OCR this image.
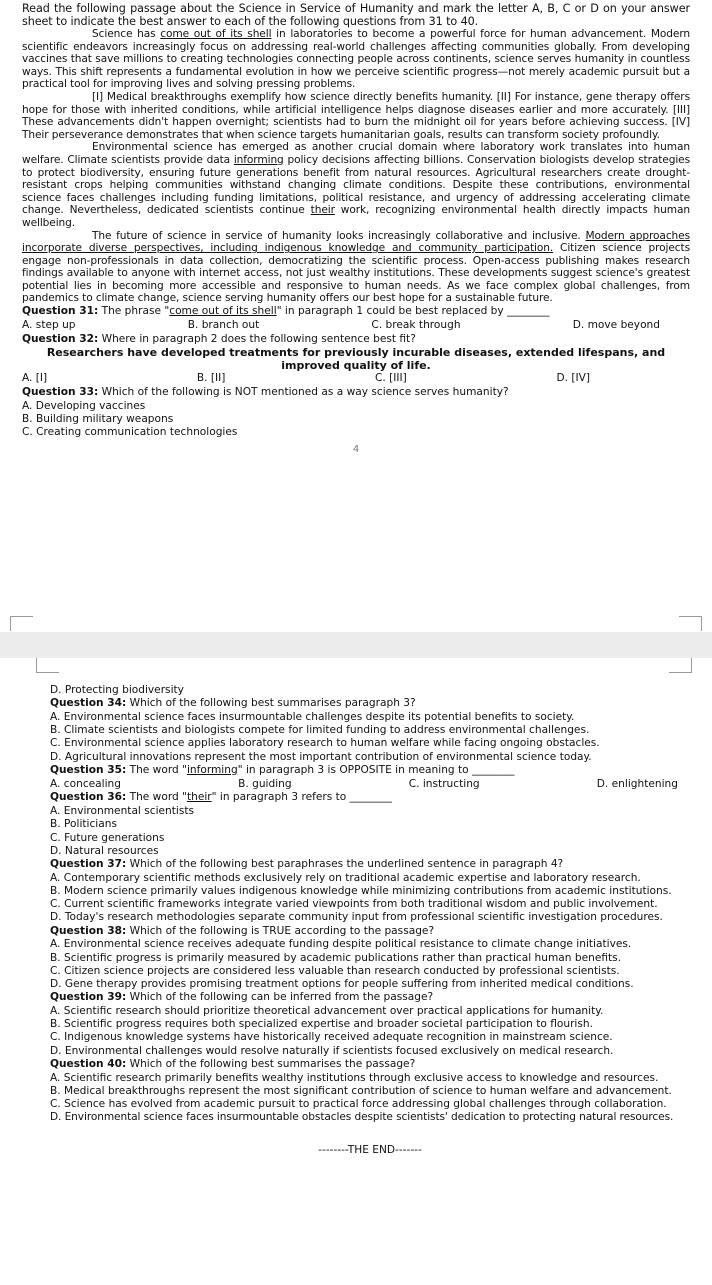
Read the following passage about the Science in Service of Humanity and mark the letter A, B, C or D on your answer sheet to indicate the best answer to each of the following questions from 31 to 40.

Science has come out of its shell in laboratories to become a powerful force for human advancement. Modern scientific endeavors increasingly focus on addressing real-world challenges affecting communities globally. From developing vaccines that save millions to creating technologies connecting people across continents, science serves humanity in countless ways. This shift represents a fundamental evolution in how we perceive scientific progress—not merely academic pursuit but a practical tool for improving lives and solving pressing problems.

[I] Medical breakthroughs exemplify how science directly benefits humanity. [II] For instance, gene therapy offers hope for those with inherited conditions, while artificial intelligence helps diagnose diseases earlier and more accurately. [III] These advancements didn't happen overnight; scientists had to burn the midnight oil for years before achieving success. [IV] Their perseverance demonstrates that when science targets humanitarian goals, results can transform society profoundly.

Environmental science has emerged as another crucial domain where laboratory work translates into human welfare. Climate scientists provide data informing policy decisions affecting billions. Conservation biologists develop strategies to protect biodiversity, ensuring future generations benefit from natural resources. Agricultural researchers create drought-resistant crops helping communities withstand changing climate conditions. Despite these contributions, environmental science faces challenges including funding limitations, political resistance, and urgency of addressing accelerating climate change. Nevertheless, dedicated scientists continue their work, recognizing environmental health directly impacts human wellbeing.

The future of science in service of humanity looks increasingly collaborative and inclusive. Modern approaches incorporate diverse perspectives, including indigenous knowledge and community participation. Citizen science projects engage non-professionals in data collection, democratizing the scientific process. Open-access publishing makes research findings available to anyone with internet access, not just wealthy institutions. These developments suggest science's greatest potential lies in becoming more accessible and responsive to human needs. As we face complex global challenges, from pandemics to climate change, science serving humanity offers our best hope for a sustainable future.

Question 31: The phrase "come out of its shell" in paragraph 1 could be best replaced by ________
A. step up	B. branch out	C. break through	D. move beyond
Question 32: Where in paragraph 2 does the following sentence best fit?
Researchers have developed treatments for previously incurable diseases, extended lifespans, and improved quality of life.
A. [I]	B. [II]	C. [III]	D. [IV]
Question 33: Which of the following is NOT mentioned as a way science serves humanity?
A. Developing vaccines
B. Building military weapons
C. Creating communication technologies
4
D. Protecting biodiversity
Question 34: Which of the following best summarises paragraph 3?
A. Environmental science faces insurmountable challenges despite its potential benefits to society.
B. Climate scientists and biologists compete for limited funding to address environmental challenges.
C. Environmental science applies laboratory research to human welfare while facing ongoing obstacles.
D. Agricultural innovations represent the most important contribution of environmental science today.
Question 35: The word "informing" in paragraph 3 is OPPOSITE in meaning to ________
A. concealing	B. guiding	C. instructing	D. enlightening
Question 36: The word "their" in paragraph 3 refers to ________
A. Environmental scientists
B. Politicians
C. Future generations
D. Natural resources
Question 37: Which of the following best paraphrases the underlined sentence in paragraph 4?
A. Contemporary scientific methods exclusively rely on traditional academic expertise and laboratory research.
B. Modern science primarily values indigenous knowledge while minimizing contributions from academic institutions.
C. Current scientific frameworks integrate varied viewpoints from both traditional wisdom and public involvement.
D. Today's research methodologies separate community input from professional scientific investigation procedures.
Question 38: Which of the following is TRUE according to the passage?
A. Environmental science receives adequate funding despite political resistance to climate change initiatives.
B. Scientific progress is primarily measured by academic publications rather than practical human benefits.
C. Citizen science projects are considered less valuable than research conducted by professional scientists.
D. Gene therapy provides promising treatment options for people suffering from inherited medical conditions.
Question 39: Which of the following can be inferred from the passage?
A. Scientific research should prioritize theoretical advancement over practical applications for humanity.
B. Scientific progress requires both specialized expertise and broader societal participation to flourish.
C. Indigenous knowledge systems have historically received adequate recognition in mainstream science.
D. Environmental challenges would resolve naturally if scientists focused exclusively on medical research.
Question 40: Which of the following best summarises the passage?
A. Scientific research primarily benefits wealthy institutions through exclusive access to knowledge and resources.
B. Medical breakthroughs represent the most significant contribution of science to human welfare and advancement.
C. Science has evolved from academic pursuit to practical force addressing global challenges through collaboration.
D. Environmental science faces insurmountable obstacles despite scientists' dedication to protecting natural resources.
--------THE END-------
